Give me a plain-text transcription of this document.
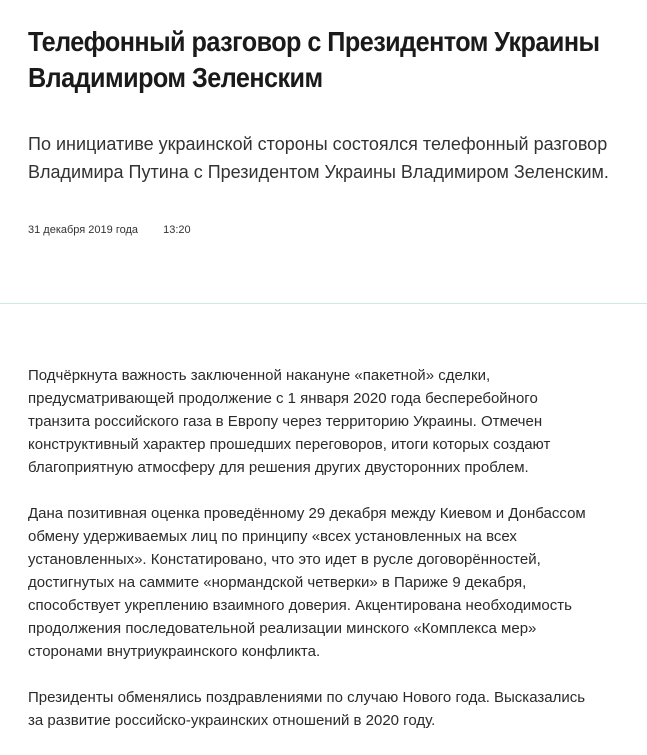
Телефонный разговор с Президентом Украины Владимиром Зеленским

По инициативе украинской стороны состоялся телефонный разговор Владимира Путина с Президентом Украины Владимиром Зеленским.

31 декабря 2019 года 13:20

Подчёркнута важность заключенной накануне «пакетной» сделки, предусматривающей продолжение с 1 января 2020 года бесперебойного транзита российского газа в Европу через территорию Украины. Отмечен конструктивный характер прошедших переговоров, итоги которых создают благоприятную атмосферу для решения других двусторонних проблем.

Дана позитивная оценка проведённому 29 декабря между Киевом и Донбассом обмену удерживаемых лиц по принципу «всех установленных на всех установленных». Констатировано, что это идет в русле договорённостей, достигнутых на саммите «нормандской четверки» в Париже 9 декабря, способствует укреплению взаимного доверия. Акцентирована необходимость продолжения последовательной реализации минского «Комплекса мер» сторонами внутриукраинского конфликта.

Президенты обменялись поздравлениями по случаю Нового года. Высказались за развитие российско-украинских отношений в 2020 году.
